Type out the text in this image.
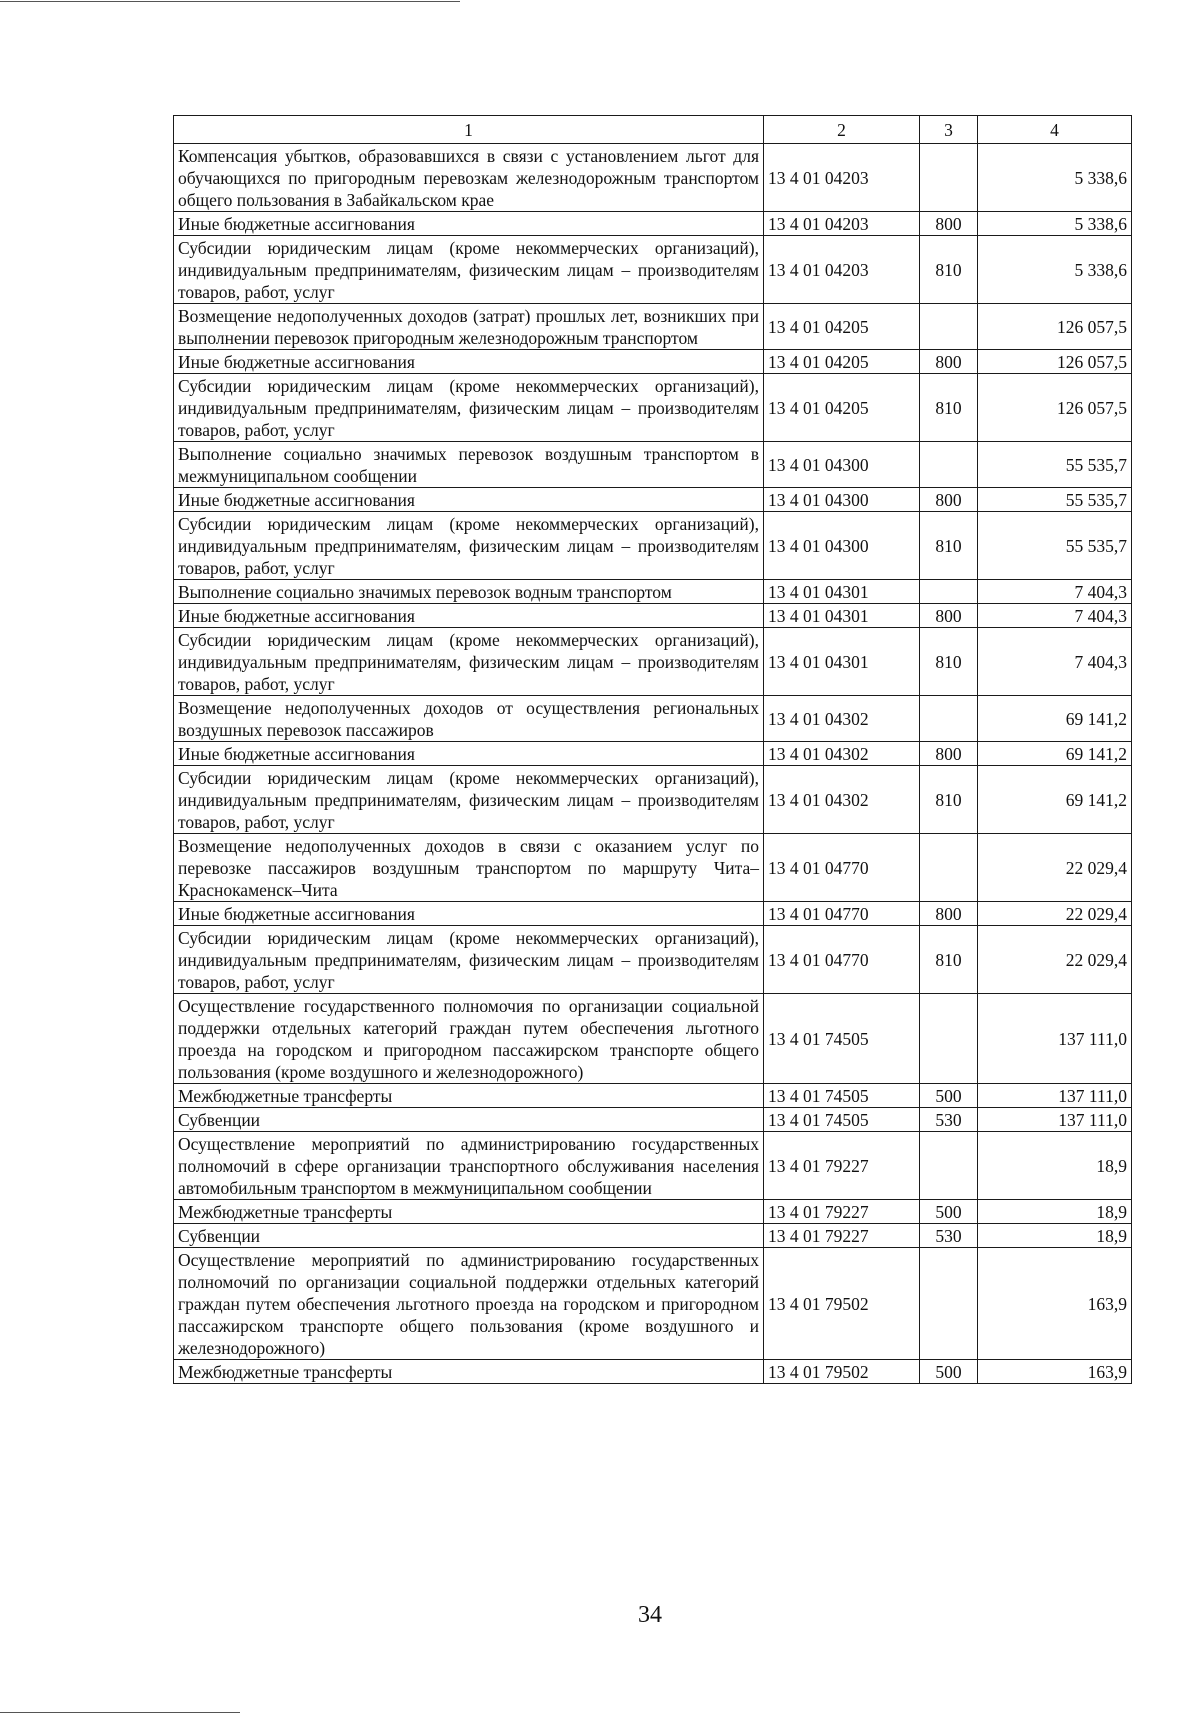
1	2	3	4
Компенсация убытков, образовавшихся в связи с установлением льгот для обучающихся по пригородным перевозкам железнодорожным транспортом общего пользования в Забайкальском крае	13 4 01 04203		5 338,6
Иные бюджетные ассигнования	13 4 01 04203	800	5 338,6
Субсидии юридическим лицам (кроме некоммерческих организаций), индивидуальным предпринимателям, физическим лицам – производителям товаров, работ, услуг	13 4 01 04203	810	5 338,6
Возмещение недополученных доходов (затрат) прошлых лет, возникших при выполнении перевозок пригородным железнодорожным транспортом	13 4 01 04205		126 057,5
Иные бюджетные ассигнования	13 4 01 04205	800	126 057,5
Субсидии юридическим лицам (кроме некоммерческих организаций), индивидуальным предпринимателям, физическим лицам – производителям товаров, работ, услуг	13 4 01 04205	810	126 057,5
Выполнение социально значимых перевозок воздушным транспортом в межмуниципальном сообщении	13 4 01 04300		55 535,7
Иные бюджетные ассигнования	13 4 01 04300	800	55 535,7
Субсидии юридическим лицам (кроме некоммерческих организаций), индивидуальным предпринимателям, физическим лицам – производителям товаров, работ, услуг	13 4 01 04300	810	55 535,7
Выполнение социально значимых перевозок водным транспортом	13 4 01 04301		7 404,3
Иные бюджетные ассигнования	13 4 01 04301	800	7 404,3
Субсидии юридическим лицам (кроме некоммерческих организаций), индивидуальным предпринимателям, физическим лицам – производителям товаров, работ, услуг	13 4 01 04301	810	7 404,3
Возмещение недополученных доходов от осуществления региональных воздушных перевозок пассажиров	13 4 01 04302		69 141,2
Иные бюджетные ассигнования	13 4 01 04302	800	69 141,2
Субсидии юридическим лицам (кроме некоммерческих организаций), индивидуальным предпринимателям, физическим лицам – производителям товаров, работ, услуг	13 4 01 04302	810	69 141,2
Возмещение недополученных доходов в связи с оказанием услуг по перевозке пассажиров воздушным транспортом по маршруту Чита–Краснокаменск–Чита	13 4 01 04770		22 029,4
Иные бюджетные ассигнования	13 4 01 04770	800	22 029,4
Субсидии юридическим лицам (кроме некоммерческих организаций), индивидуальным предпринимателям, физическим лицам – производителям товаров, работ, услуг	13 4 01 04770	810	22 029,4
Осуществление государственного полномочия по организации социальной поддержки отдельных категорий граждан путем обеспечения льготного проезда на городском и пригородном пассажирском транспорте общего пользования (кроме воздушного и железнодорожного)	13 4 01 74505		137 111,0
Межбюджетные трансферты	13 4 01 74505	500	137 111,0
Субвенции	13 4 01 74505	530	137 111,0
Осуществление мероприятий по администрированию государственных полномочий в сфере организации транспортного обслуживания населения автомобильным транспортом в межмуниципальном сообщении	13 4 01 79227		18,9
Межбюджетные трансферты	13 4 01 79227	500	18,9
Субвенции	13 4 01 79227	530	18,9
Осуществление мероприятий по администрированию государственных полномочий по организации социальной поддержки отдельных категорий граждан путем обеспечения льготного проезда на городском и пригородном пассажирском транспорте общего пользования (кроме воздушного и железнодорожного)	13 4 01 79502		163,9
Межбюджетные трансферты	13 4 01 79502	500	163,9
34
